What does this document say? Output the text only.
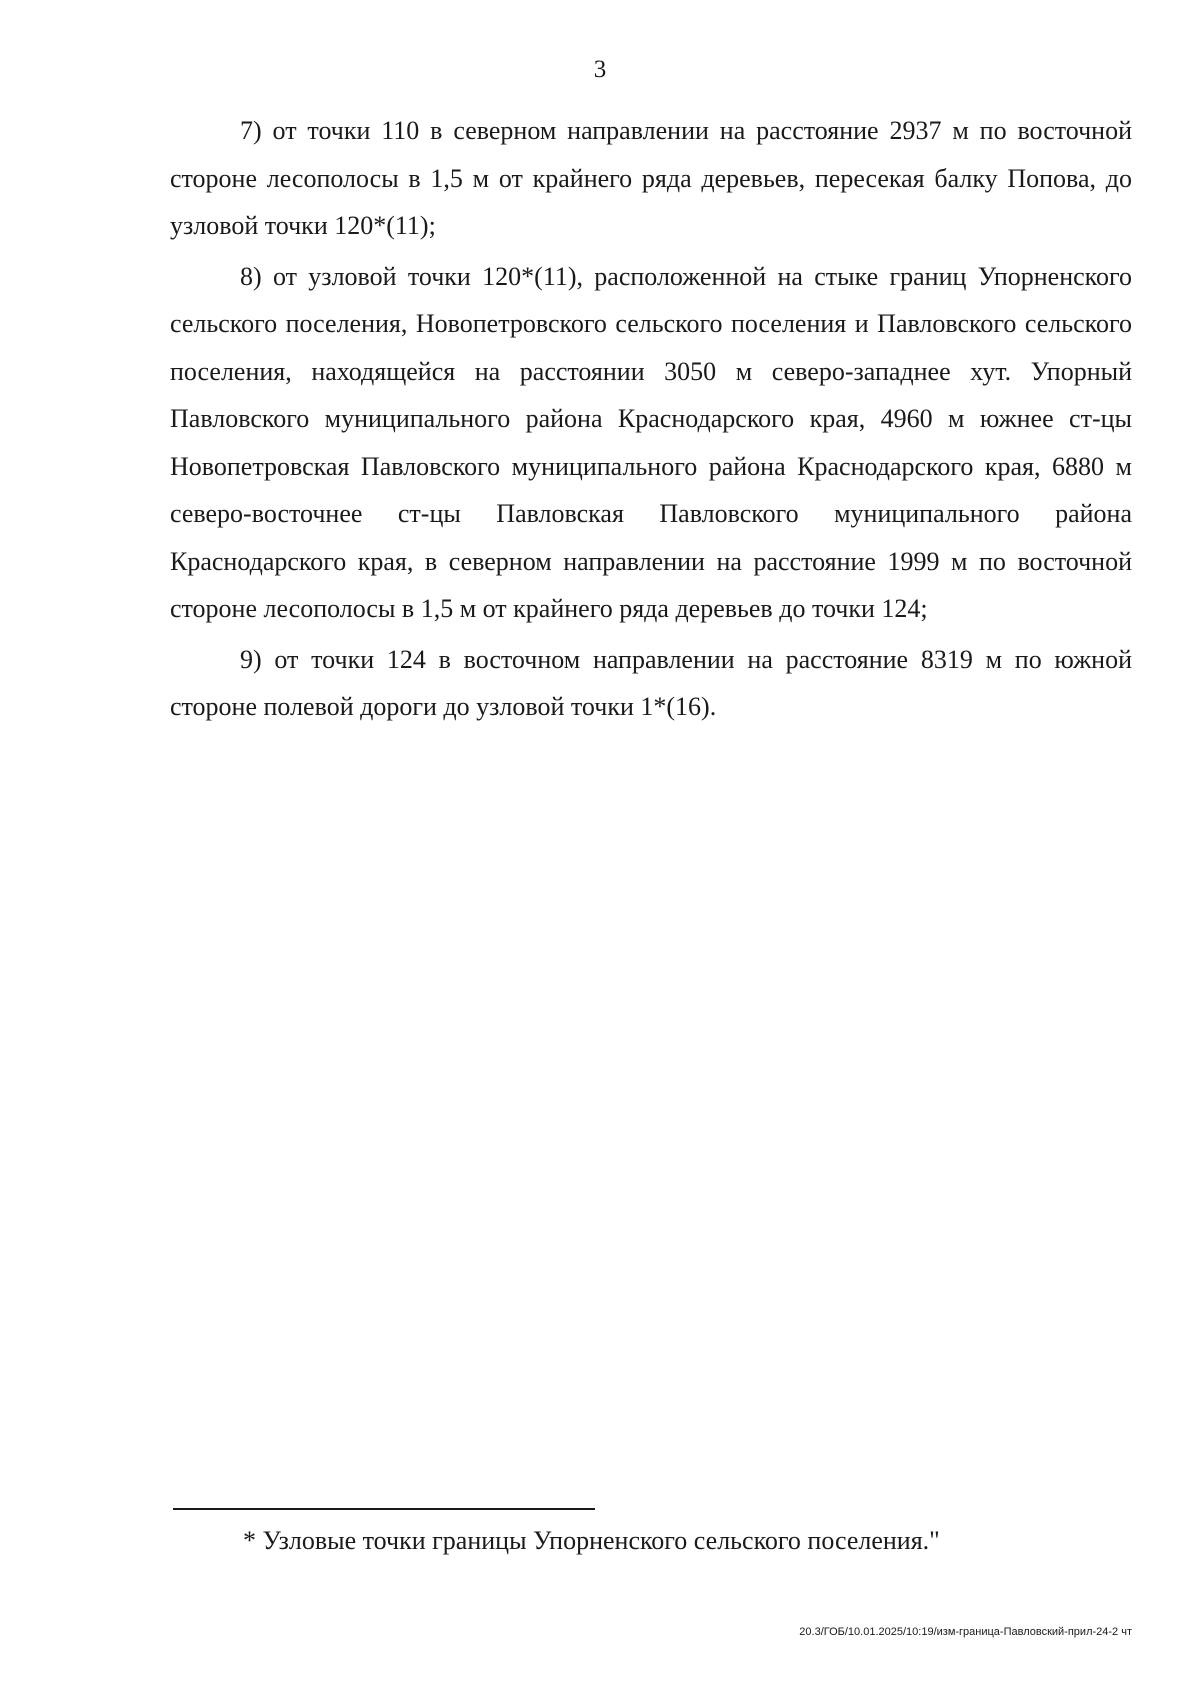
3

7) от точки 110 в северном направлении на расстояние 2937 м по восточной стороне лесополосы в 1,5 м от крайнего ряда деревьев, пересекая балку Попова, до узловой точки 120*(11);

8) от узловой точки 120*(11), расположенной на стыке границ Упорненского сельского поселения, Новопетровского сельского поселения и Павловского сельского поселения, находящейся на расстоянии 3050 м северо-западнее хут. Упорный Павловского муниципального района Краснодарского края, 4960 м южнее ст-цы Новопетровская Павловского муниципального района Краснодарского края, 6880 м северо-восточнее ст-цы Павловская Павловского муниципального района Краснодарского края, в северном направлении на расстояние 1999 м по восточной стороне лесополосы в 1,5 м от крайнего ряда деревьев до точки 124;

9) от точки 124 в восточном направлении на расстояние 8319 м по южной стороне полевой дороги до узловой точки 1*(16).

* Узловые точки границы Упорненского сельского поселения."
20.3/ГОБ/10.01.2025/10:19/изм-граница-Павловский-прил-24-2 чт
